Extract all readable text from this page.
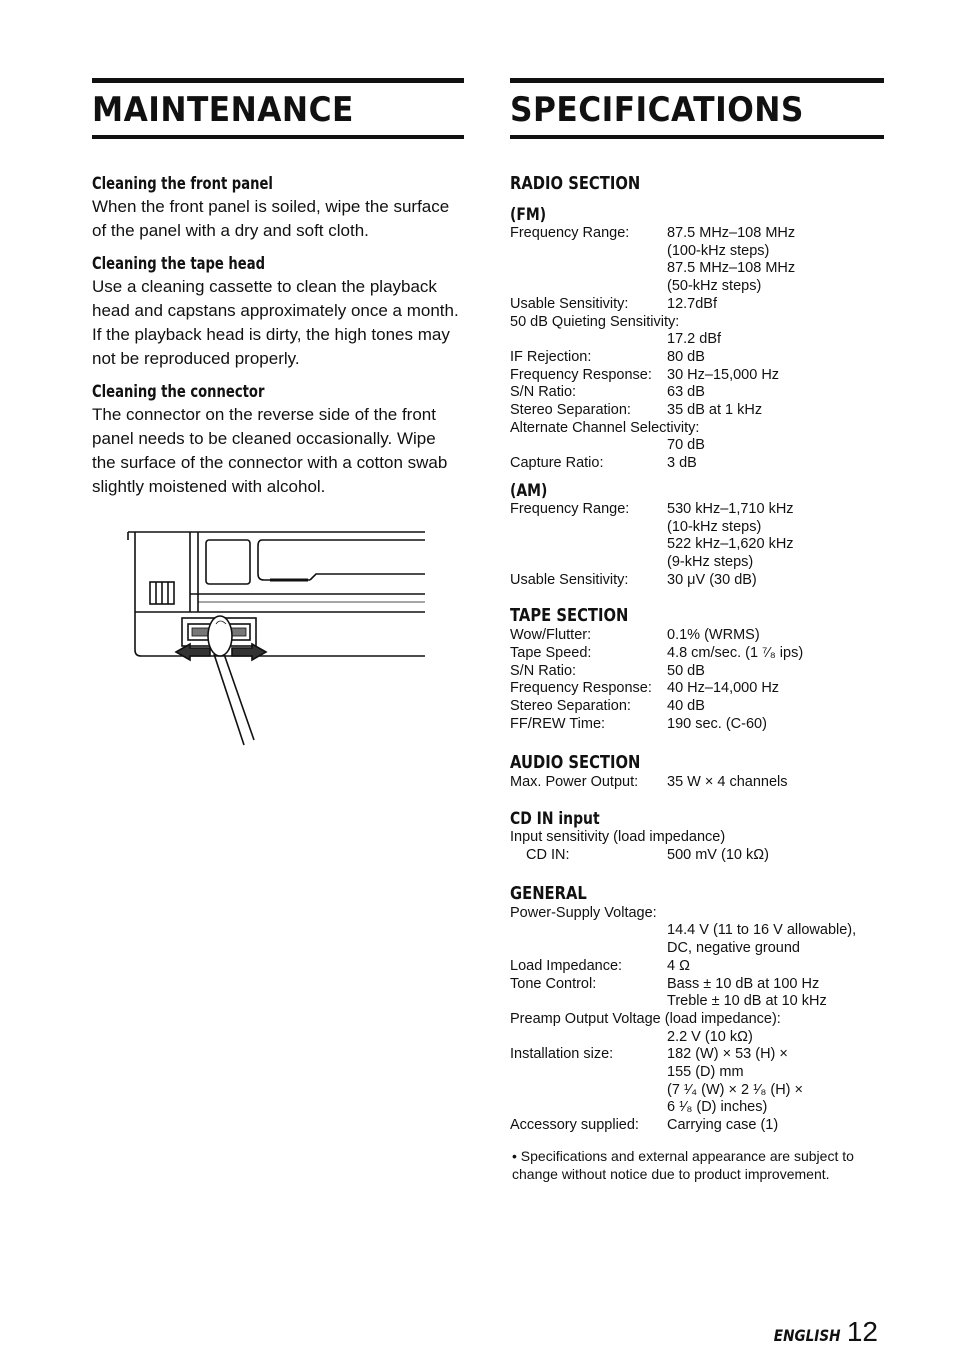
MAINTENANCE
Cleaning the front panel
When the front panel is soiled, wipe the surface
of the panel with a dry and soft cloth.
Cleaning the tape head
Use a cleaning cassette to clean the playback
head and capstans approximately once a month.
If the playback head is dirty, the high tones may
not be reproduced properly.
Cleaning the connector
The connector on the reverse side of the front
panel needs to be cleaned occasionally. Wipe
the surface of the connector with a cotton swab
slightly moistened with alcohol.
SPECIFICATIONS
RADIO SECTION
(FM)
Frequency Range:	87.5 MHz–108 MHz
(100-kHz steps)
87.5 MHz–108 MHz
(50-kHz steps)
Usable Sensitivity:	12.7dBf
50 dB Quieting Sensitivity:
17.2 dBf
IF Rejection:	80 dB
Frequency Response:	30 Hz–15,000 Hz
S/N Ratio:	63 dB
Stereo Separation:	35 dB at 1 kHz
Alternate Channel Selectivity:
70 dB
Capture Ratio:	3 dB
(AM)
Frequency Range:	530 kHz–1,710 kHz
(10-kHz steps)
522 kHz–1,620 kHz
(9-kHz steps)
Usable Sensitivity:	30 μV (30 dB)
TAPE SECTION
Wow/Flutter:	0.1% (WRMS)
Tape Speed:	4.8 cm/sec. (1 ⁷⁄₈ ips)
S/N Ratio:	50 dB
Frequency Response:	40 Hz–14,000 Hz
Stereo Separation:	40 dB
FF/REW Time:	190 sec. (C-60)
AUDIO SECTION
Max. Power Output:	35 W × 4 channels
CD IN input
Input sensitivity (load impedance)
CD IN:	500 mV (10 kΩ)
GENERAL
Power-Supply Voltage:
14.4 V (11 to 16 V allowable),
DC, negative ground
Load Impedance:	4 Ω
Tone Control:	Bass ± 10 dB at 100 Hz
Treble ± 10 dB at 10 kHz
Preamp Output Voltage (load impedance):
2.2 V (10 kΩ)
Installation size:	182 (W) × 53 (H) ×
155 (D) mm
(7 ¹⁄₄ (W) × 2 ¹⁄₈ (H) ×
6 ¹⁄₈ (D) inches)
Accessory supplied:	Carrying case (1)
• Specifications and external appearance are subject to
change without notice due to product improvement.
ENGLISH 12
